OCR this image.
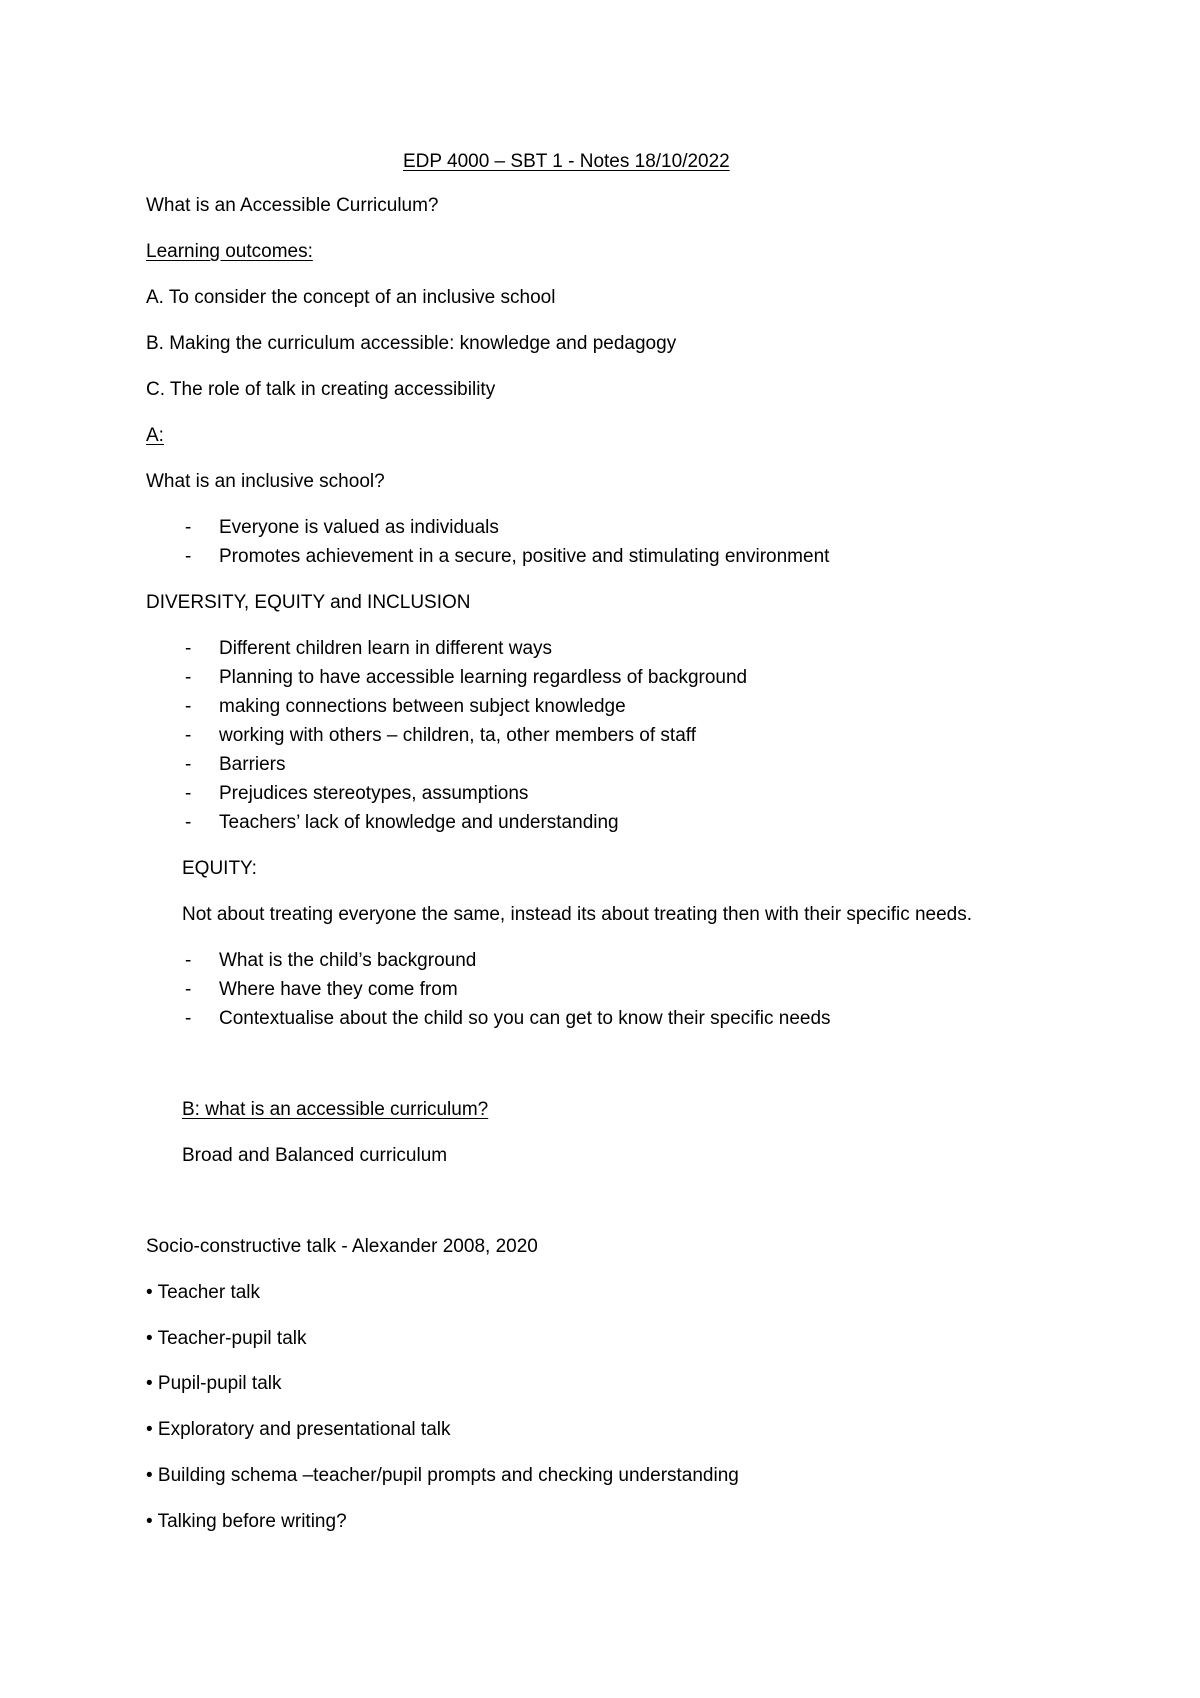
EDP 4000 – SBT 1 - Notes 18/10/2022
What is an Accessible Curriculum?
Learning outcomes:
A. To consider the concept of an inclusive school
B. Making the curriculum accessible: knowledge and pedagogy
C. The role of talk in creating accessibility
A:
What is an inclusive school?
- Everyone is valued as individuals
- Promotes achievement in a secure, positive and stimulating environment
DIVERSITY, EQUITY and INCLUSION
- Different children learn in different ways
- Planning to have accessible learning regardless of background
- making connections between subject knowledge
- working with others – children, ta, other members of staff
- Barriers
- Prejudices stereotypes, assumptions
- Teachers’ lack of knowledge and understanding
EQUITY:
Not about treating everyone the same, instead its about treating then with their specific needs.
- What is the child’s background
- Where have they come from
- Contextualise about the child so you can get to know their specific needs
B: what is an accessible curriculum?
Broad and Balanced curriculum
Socio-constructive talk - Alexander 2008, 2020
• Teacher talk
• Teacher-pupil talk
• Pupil-pupil talk
• Exploratory and presentational talk
• Building schema –teacher/pupil prompts and checking understanding
• Talking before writing?
